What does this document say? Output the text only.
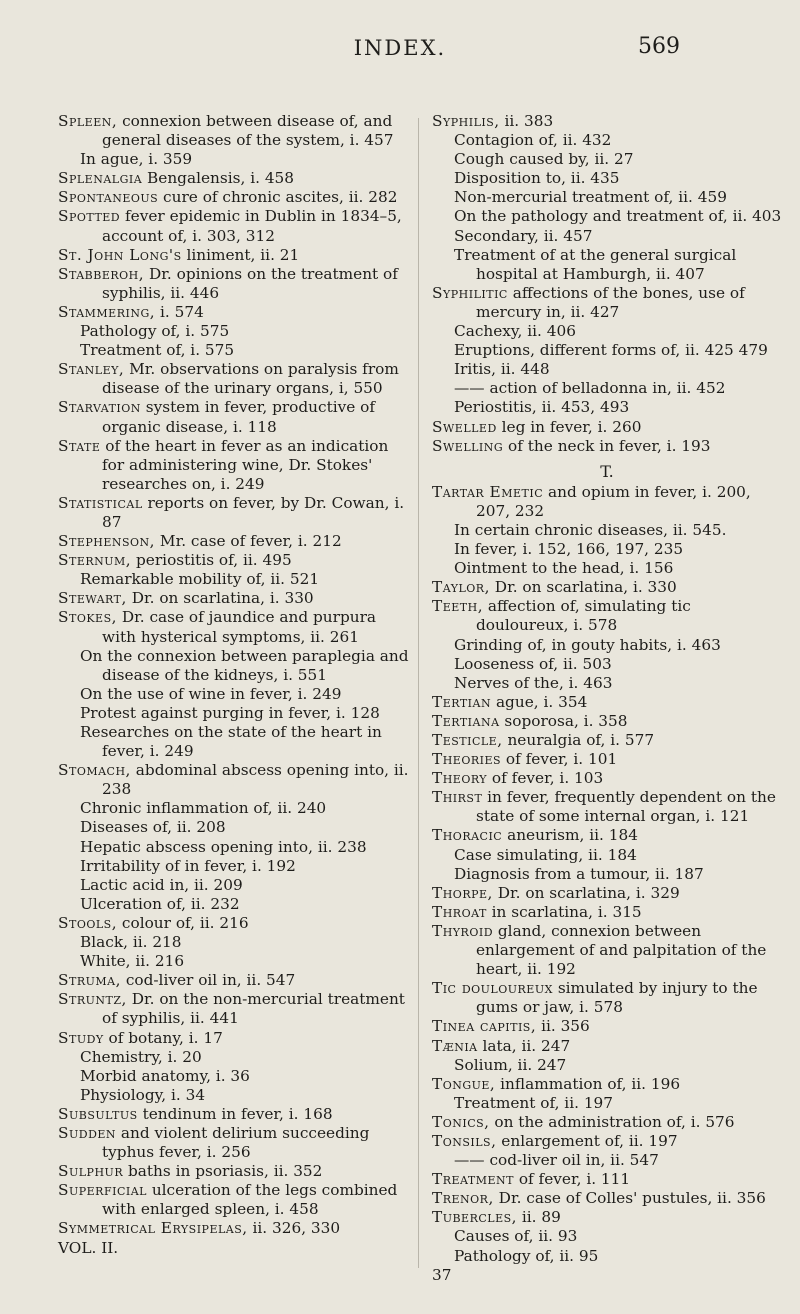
INDEX.	569

Spleen, connexion between disease of, and general diseases of the system, i. 457

In ague, i. 359

Splenalgia Bengalensis, i. 458

Spontaneous cure of chronic ascites, ii. 282

Spotted fever epidemic in Dublin in 1834–5, account of, i. 303, 312

St. John Long's liniment, ii. 21

Stabberoh, Dr. opinions on the treatment of syphilis, ii. 446

Stammering, i. 574

Pathology of, i. 575

Treatment of, i. 575

Stanley, Mr. observations on paralysis from disease of the urinary organs, i, 550

Starvation system in fever, productive of organic disease, i. 118

State of the heart in fever as an indication for administering wine, Dr. Stokes' researches on, i. 249

Statistical reports on fever, by Dr. Cowan, i. 87

Stephenson, Mr. case of fever, i. 212

Sternum, periostitis of, ii. 495

Remarkable mobility of, ii. 521

Stewart, Dr. on scarlatina, i. 330

Stokes, Dr. case of jaundice and purpura with hysterical symptoms, ii. 261

On the connexion between paraplegia and disease of the kidneys, i. 551

On the use of wine in fever, i. 249

Protest against purging in fever, i. 128

Researches on the state of the heart in fever, i. 249

Stomach, abdominal abscess opening into, ii. 238

Chronic inflammation of, ii. 240

Diseases of, ii. 208

Hepatic abscess opening into, ii. 238

Irritability of in fever, i. 192

Lactic acid in, ii. 209

Ulceration of, ii. 232

Stools, colour of, ii. 216

Black, ii. 218

White, ii. 216

Struma, cod-liver oil in, ii. 547

Struntz, Dr. on the non-mercurial treatment of syphilis, ii. 441

Study of botany, i. 17

Chemistry, i. 20

Morbid anatomy, i. 36

Physiology, i. 34

Subsultus tendinum in fever, i. 168

Sudden and violent delirium succeeding typhus fever, i. 256

Sulphur baths in psoriasis, ii. 352

Superficial ulceration of the legs combined with enlarged spleen, i. 458

Symmetrical Erysipelas, ii. 326, 330

VOL. II.

Syphilis, ii. 383

Contagion of, ii. 432

Cough caused by, ii. 27

Disposition to, ii. 435

Non-mercurial treatment of, ii. 459

On the pathology and treatment of, ii. 403

Secondary, ii. 457

Treatment of at the general surgical hospital at Hamburgh, ii. 407

Syphilitic affections of the bones, use of mercury in, ii. 427

Cachexy, ii. 406

Eruptions, different forms of, ii. 425 479

Iritis, ii. 448

—— action of belladonna in, ii. 452

Periostitis, ii. 453, 493

Swelled leg in fever, i. 260

Swelling of the neck in fever, i. 193

T.

Tartar Emetic and opium in fever, i. 200, 207, 232

In certain chronic diseases, ii. 545.

In fever, i. 152, 166, 197, 235

Ointment to the head, i. 156

Taylor, Dr. on scarlatina, i. 330

Teeth, affection of, simulating tic douloureux, i. 578

Grinding of, in gouty habits, i. 463

Looseness of, ii. 503

Nerves of the, i. 463

Tertian ague, i. 354

Tertiana soporosa, i. 358

Testicle, neuralgia of, i. 577

Theories of fever, i. 101

Theory of fever, i. 103

Thirst in fever, frequently dependent on the state of some internal organ, i. 121

Thoracic aneurism, ii. 184

Case simulating, ii. 184

Diagnosis from a tumour, ii. 187

Thorpe, Dr. on scarlatina, i. 329

Throat in scarlatina, i. 315

Thyroid gland, connexion between enlargement of and palpitation of the heart, ii. 192

Tic douloureux simulated by injury to the gums or jaw, i. 578

Tinea capitis, ii. 356

Tænia lata, ii. 247

Solium, ii. 247

Tongue, inflammation of, ii. 196

Treatment of, ii. 197

Tonics, on the administration of, i. 576

Tonsils, enlargement of, ii. 197

—— cod-liver oil in, ii. 547

Treatment of fever, i. 111

Trenor, Dr. case of Colles' pustules, ii. 356

Tubercles, ii. 89

Causes of, ii. 93

Pathology of, ii. 95

37
